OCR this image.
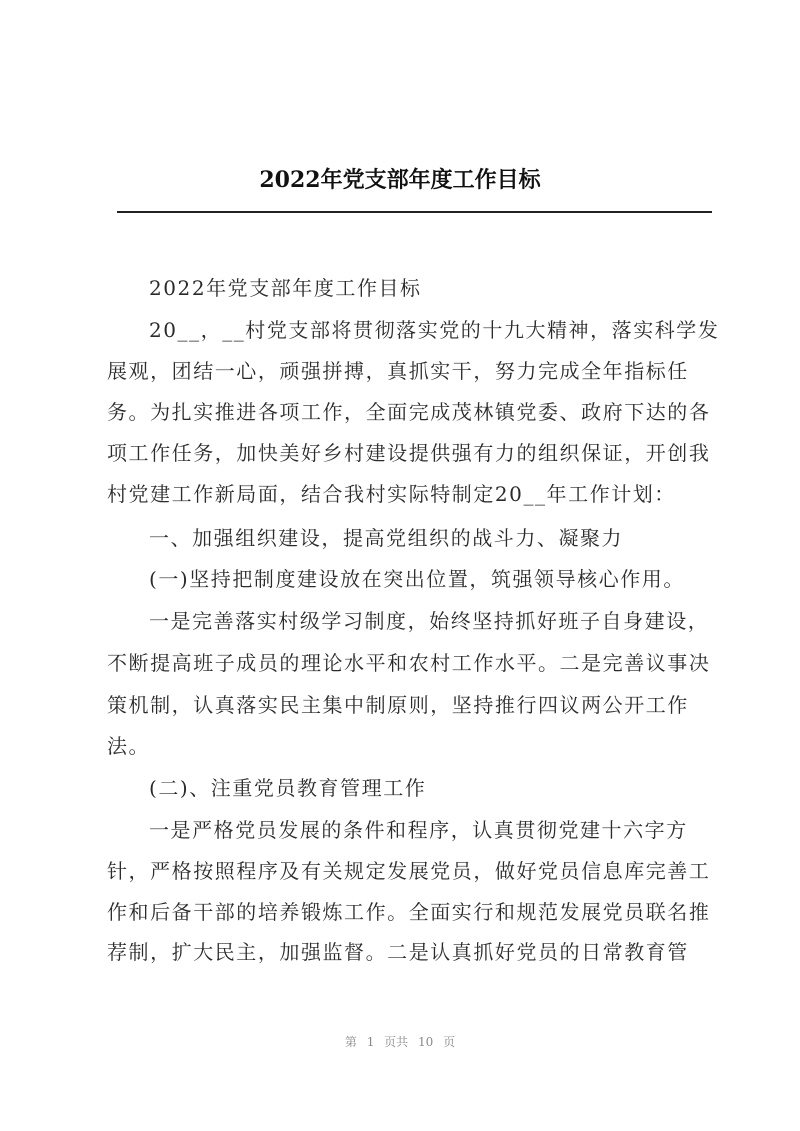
2022年党支部年度工作目标
2022年党支部年度工作目标
20__，__村党支部将贯彻落实党的十九大精神，落实科学发
展观，团结一心，顽强拼搏，真抓实干，努力完成全年指标任
务。为扎实推进各项工作，全面完成茂林镇党委、政府下达的各
项工作任务，加快美好乡村建设提供强有力的组织保证，开创我
村党建工作新局面，结合我村实际特制定20__年工作计划：
一、加强组织建设，提高党组织的战斗力、凝聚力
(一)坚持把制度建设放在突出位置，筑强领导核心作用。
一是完善落实村级学习制度，始终坚持抓好班子自身建设，
不断提高班子成员的理论水平和农村工作水平。二是完善议事决
策机制，认真落实民主集中制原则，坚持推行四议两公开工作
法。
(二)、注重党员教育管理工作
一是严格党员发展的条件和程序，认真贯彻党建十六字方
针，严格按照程序及有关规定发展党员，做好党员信息库完善工
作和后备干部的培养锻炼工作。全面实行和规范发展党员联名推
荐制，扩大民主，加强监督。二是认真抓好党员的日常教育管
第 1 页共 10 页
